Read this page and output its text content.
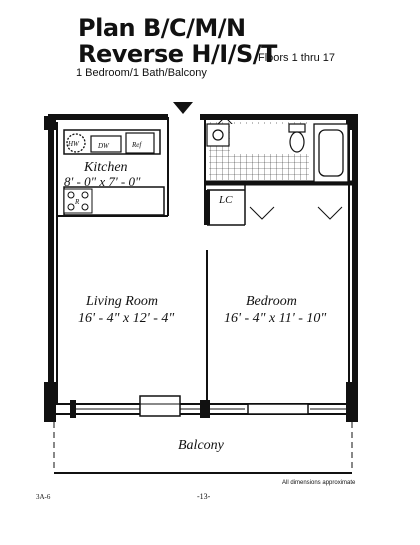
Plan B/C/M/N
Reverse H/I/S/T
Floors 1 thru 17
1 Bedroom/1 Bath/Balcony
Kitchen
8' - 0" x 7' - 0"
Living Room
16' - 4" x 12' - 4"
Bedroom
16' - 4" x 11' - 10"
Balcony
LC
HW	DW	Ref
R
All dimensions approximate
3A-6	-13-
